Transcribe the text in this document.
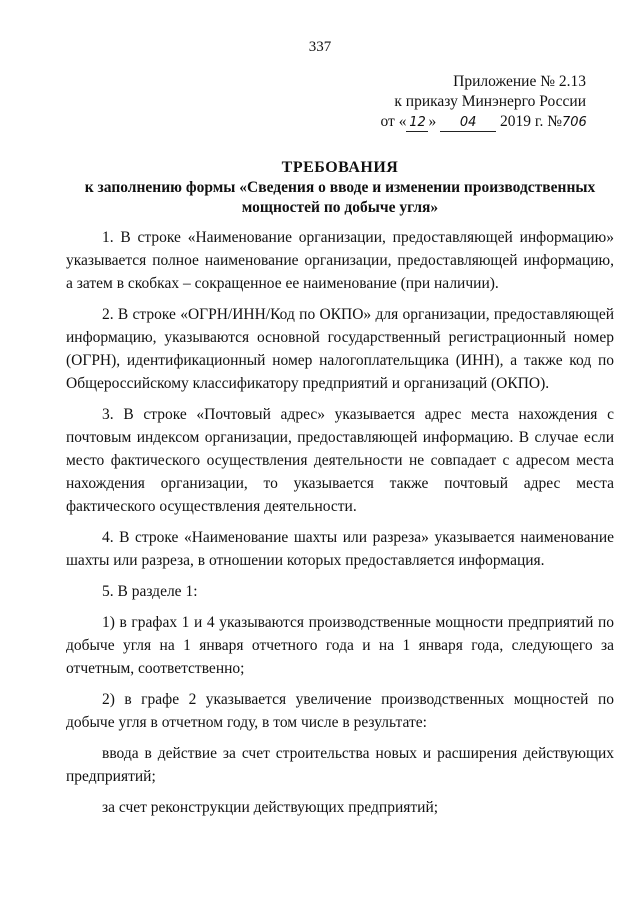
337
Приложение № 2.13
к приказу Минэнерго России
от « 12 » 04 2019 г. №706
ТРЕБОВАНИЯ
к заполнению формы «Сведения о вводе и изменении производственных мощностей по добыче угля»

1. В строке «Наименование организации, предоставляющей информацию» указывается полное наименование организации, предоставляющей информацию, а затем в скобках – сокращенное ее наименование (при наличии).

2. В строке «ОГРН/ИНН/Код по ОКПО» для организации, предоставляющей информацию, указываются основной государственный регистрационный номер (ОГРН), идентификационный номер налогоплательщика (ИНН), а также код по Общероссийскому классификатору предприятий и организаций (ОКПО).

3. В строке «Почтовый адрес» указывается адрес места нахождения с почтовым индексом организации, предоставляющей информацию. В случае если место фактического осуществления деятельности не совпадает с адресом места нахождения организации, то указывается также почтовый адрес места фактического осуществления деятельности.

4. В строке «Наименование шахты или разреза» указывается наименование шахты или разреза, в отношении которых предоставляется информация.

5. В разделе 1:

1) в графах 1 и 4 указываются производственные мощности предприятий по добыче угля на 1 января отчетного года и на 1 января года, следующего за отчетным, соответственно;

2) в графе 2 указывается увеличение производственных мощностей по добыче угля в отчетном году, в том числе в результате:

ввода в действие за счет строительства новых и расширения действующих предприятий;

за счет реконструкции действующих предприятий;
